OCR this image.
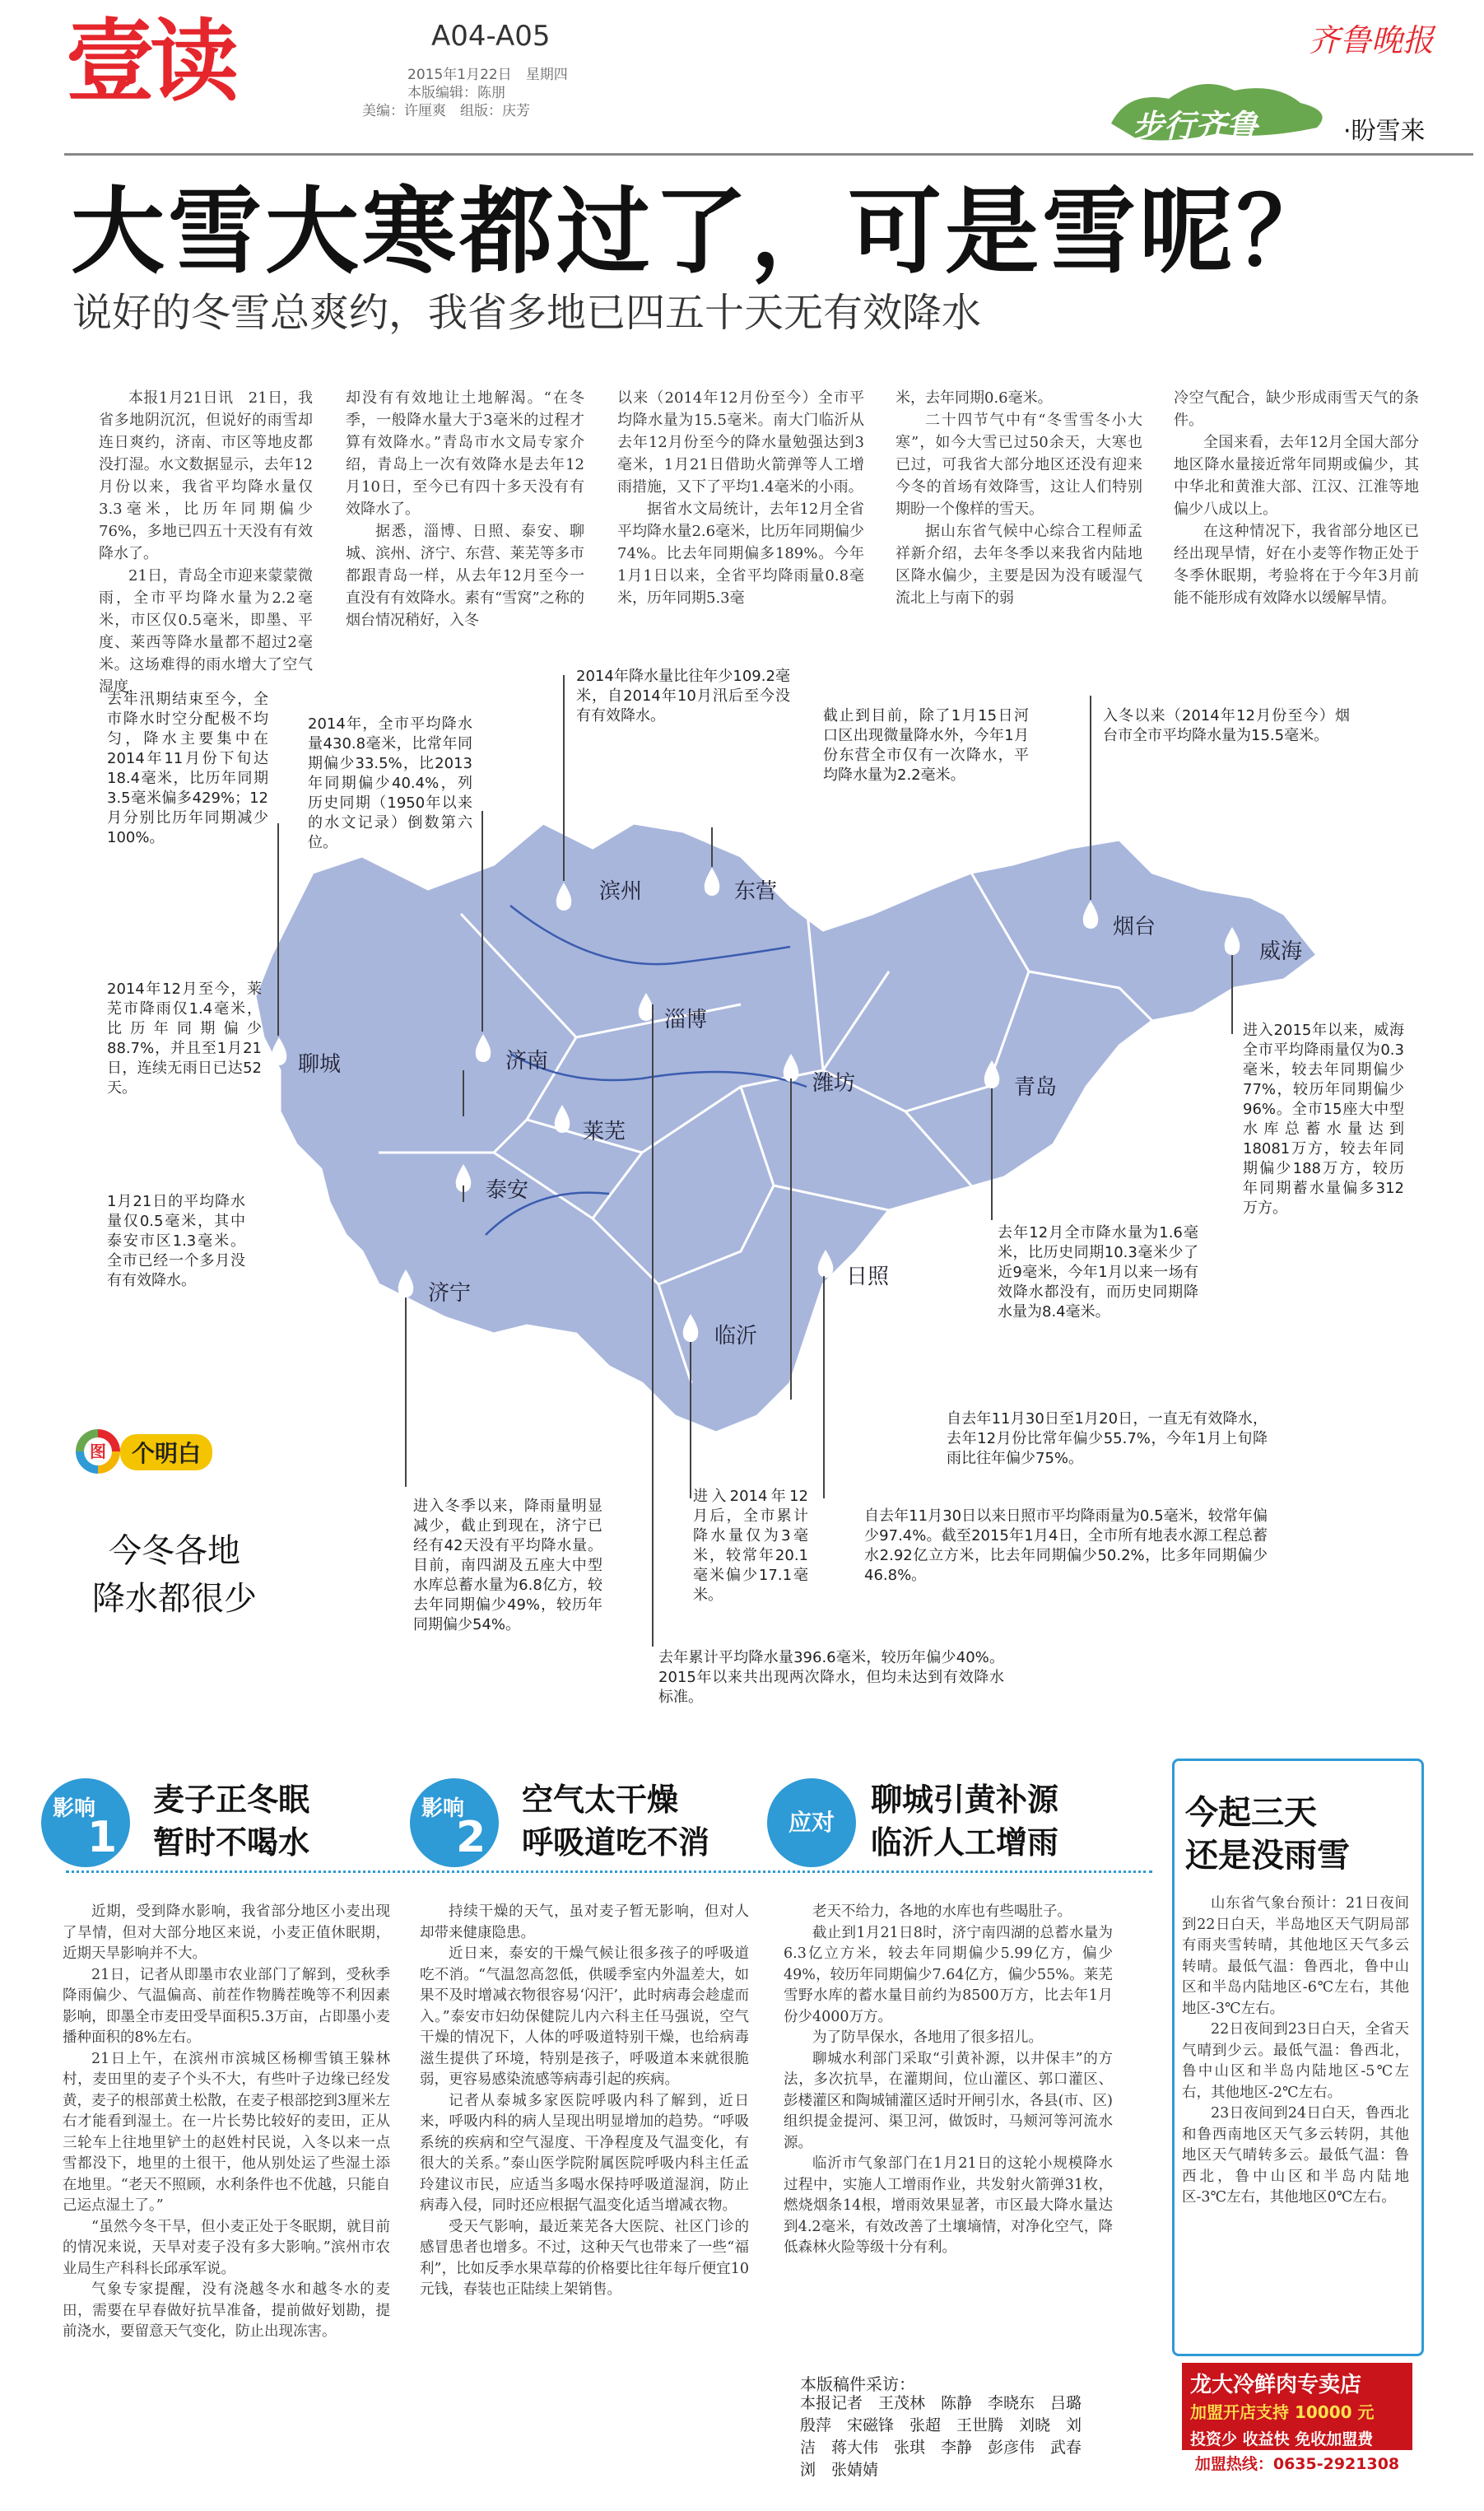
壹读	A04-A05
2015年1月22日　星期四
本版编辑：陈朋
美编：许厘爽　组版：庆芳
齐鲁晚报
步行齐鲁	·盼雪来
大雪大寒都过了，可是雪呢？
说好的冬雪总爽约，我省多地已四五十天无有效降水

本报1月21日讯　21日，我省多地阴沉沉，但说好的雨雪却连日爽约，济南、市区等地皮都没打湿。水文数据显示，去年12月份以来，我省平均降水量仅3.3毫米，比历年同期偏少76%，多地已四五十天没有有效降水了。

21日，青岛全市迎来蒙蒙微雨，全市平均降水量为2.2毫米，市区仅0.5毫米，即墨、平度、莱西等降水量都不超过2毫米。这场难得的雨水增大了空气湿度，

却没有有效地让土地解渴。“在冬季，一般降水量大于3毫米的过程才算有效降水。”青岛市水文局专家介绍，青岛上一次有效降水是去年12月10日，至今已有四十多天没有有效降水了。

据悉，淄博、日照、泰安、聊城、滨州、济宁、东营、莱芜等多市都跟青岛一样，从去年12月至今一直没有有效降水。素有“雪窝”之称的烟台情况稍好，入冬

以来（2014年12月份至今）全市平均降水量为15.5毫米。南大门临沂从去年12月份至今的降水量勉强达到3毫米，1月21日借助火箭弹等人工增雨措施，又下了平均1.4毫米的小雨。

据省水文局统计，去年12月全省平均降水量2.6毫米，比历年同期偏少74%。比去年同期偏多189%。今年1月1日以来，全省平均降雨量0.8毫米，历年同期5.3毫

米，去年同期0.6毫米。

二十四节气中有“冬雪雪冬小大寒”，如今大雪已过50余天，大寒也已过，可我省大部分地区还没有迎来今冬的首场有效降雪，这让人们特别期盼一个像样的雪天。

据山东省气候中心综合工程师孟祥新介绍，去年冬季以来我省内陆地区降水偏少，主要是因为没有暖湿气流北上与南下的弱

冷空气配合，缺少形成雨雪天气的条件。

全国来看，去年12月全国大部分地区降水量接近常年同期或偏少，其中华北和黄淮大部、江汉、江淮等地偏少八成以上。

在这种情况下，我省部分地区已经出现旱情，好在小麦等作物正处于冬季休眠期，考验将在于今年3月前能不能形成有效降水以缓解旱情。

滨州	东营
烟台
威海
聊城	济南
淄博
潍坊	青岛
莱芜
泰安
济宁
日照
临沂
去年汛期结束至今，全市降水时空分配极不均匀，降水主要集中在2014年11月份下旬达18.4毫米，比历年同期3.5毫米偏多429%；12月分别比历年同期减少100%。
2014年，全市平均降水量430.8毫米，比常年同期偏少33.5%，比2013年同期偏少40.4%，列历史同期（1950年以来的水文记录）倒数第六位。
2014年降水量比往年少109.2毫米，自2014年10月汛后至今没有有效降水。	截止到目前，除了1月15日河口区出现微量降水外，今年1月份东营全市仅有一次降水，平均降水量为2.2毫米。
入冬以来（2014年12月份至今）烟台市全市平均降水量为15.5毫米。
进入2015年以来，威海全市平均降雨量仅为0.3毫米，较去年同期偏少77%，较历年同期偏少96%。全市15座大中型水库总蓄水量达到18081万方，较去年同期偏少188万方，较历年同期蓄水量偏多312万方。
2014年12月至今，莱芜市降雨仅1.4毫米，比历年同期偏少88.7%，并且至1月21日，连续无雨日已达52天。
1月21日的平均降水量仅0.5毫米，其中泰安市区1.3毫米。全市已经一个多月没有有效降水。
去年12月全市降水量为1.6毫米，比历史同期10.3毫米少了近9毫米，今年1月以来一场有效降水都没有，而历史同期降水量为8.4毫米。
自去年11月30日至1月20日，一直无有效降水，去年12月份比常年偏少55.7%，今年1月上旬降雨比往年偏少75%。
自去年11月30日以来日照市平均降雨量为0.5毫米，较常年偏少97.4%。截至2015年1月4日，全市所有地表水源工程总蓄水2.92亿立方米，比去年同期偏少50.2%，比多年同期偏少46.8%。
进入冬季以来，降雨量明显减少，截止到现在，济宁已经有42天没有平均降水量。目前，南四湖及五座大中型水库总蓄水量为6.8亿方，较去年同期偏少49%，较历年同期偏少54%。
进入2014年12月后，全市累计降水量仅为3毫米，较常年20.1毫米偏少17.1毫米。
去年累计平均降水量396.6毫米，较历年偏少40%。2015年以来共出现两次降水，但均未达到有效降水标准。
图	个明白
今冬各地
降水都很少
影响
1
麦子正冬眠
暂时不喝水

近期，受到降水影响，我省部分地区小麦出现了旱情，但对大部分地区来说，小麦正值休眠期，近期天旱影响并不大。

21日，记者从即墨市农业部门了解到，受秋季降雨偏少、气温偏高、前茬作物腾茬晚等不利因素影响，即墨全市麦田受旱面积5.3万亩，占即墨小麦播种面积的8%左右。

21日上午，在滨州市滨城区杨柳雪镇王躲林村，麦田里的麦子个头不大，有些叶子边缘已经发黄，麦子的根部黄土松散，在麦子根部挖到3厘米左右才能看到湿土。在一片长势比较好的麦田，正从三轮车上往地里铲土的赵姓村民说，入冬以来一点雪都没下，地里的土很干，他从别处运了些湿土添在地里。“老天不照顾，水利条件也不优越，只能自己运点湿土了。”

“虽然今冬干旱，但小麦正处于冬眠期，就目前的情况来说，天旱对麦子没有多大影响。”滨州市农业局生产科科长邱承军说。

气象专家提醒，没有浇越冬水和越冬水的麦田，需要在早春做好抗旱准备，提前做好划勘，提前浇水，要留意天气变化，防止出现冻害。

影响
2
空气太干燥
呼吸道吃不消

持续干燥的天气，虽对麦子暂无影响，但对人却带来健康隐患。

近日来，泰安的干燥气候让很多孩子的呼吸道吃不消。“气温忽高忽低，供暖季室内外温差大，如果不及时增减衣物很容易‘闪汗’，此时病毒会趁虚而入。”泰安市妇幼保健院儿内六科主任马强说，空气干燥的情况下，人体的呼吸道特别干燥，也给病毒滋生提供了环境，特别是孩子，呼吸道本来就很脆弱，更容易感染流感等病毒引起的疾病。

记者从泰城多家医院呼吸内科了解到，近日来，呼吸内科的病人呈现出明显增加的趋势。“呼吸系统的疾病和空气湿度、干净程度及气温变化，有很大的关系。”泰山医学院附属医院呼吸内科主任孟玲建议市民，应适当多喝水保持呼吸道湿润，防止病毒入侵，同时还应根据气温变化适当增减衣物。

受天气影响，最近莱芜各大医院、社区门诊的感冒患者也增多。不过，这种天气也带来了一些“福利”，比如反季水果草莓的价格要比往年每斤便宜10元钱，春装也正陆续上架销售。

应对
聊城引黄补源
临沂人工增雨

老天不给力，各地的水库也有些喝肚子。

截止到1月21日8时，济宁南四湖的总蓄水量为6.3亿立方米，较去年同期偏少5.99亿方，偏少49%，较历年同期偏少7.64亿方，偏少55%。莱芜雪野水库的蓄水量目前约为8500万方，比去年1月份少4000万方。

为了防旱保水，各地用了很多招儿。

聊城水利部门采取“引黄补源，以井保丰”的方法，多次抗旱，在灌期间，位山灌区、郭口灌区、彭楼灌区和陶城铺灌区适时开闸引水，各县(市、区)组织提金提河、渠卫河，做饭时，马颊河等河流水源。

临沂市气象部门在1月21日的这轮小规模降水过程中，实施人工增雨作业，共发射火箭弹31枚，燃烧烟条14根，增雨效果显著，市区最大降水量达到4.2毫米，有效改善了土壤墒情，对净化空气，降低森林火险等级十分有利。

本版稿件采访：
本报记者　王茂林　陈静　李晓东　吕璐　殷萍　宋磁锋　张超　王世腾　刘晓　刘洁　蒋大伟　张琪　李静　彭彦伟　武春浏　张婧婧
今起三天
还是没雨雪

山东省气象台预计：21日夜间到22日白天，半岛地区天气阴局部有雨夹雪转晴，其他地区天气多云转晴。最低气温：鲁西北，鲁中山区和半岛内陆地区-6℃左右，其他地区-3℃左右。

22日夜间到23日白天，全省天气晴到少云。最低气温：鲁西北，鲁中山区和半岛内陆地区-5℃左右，其他地区-2℃左右。

23日夜间到24日白天，鲁西北和鲁西南地区天气多云转阴，其他地区天气晴转多云。最低气温：鲁西北，鲁中山区和半岛内陆地区-3℃左右，其他地区0℃左右。

龙大冷鲜肉专卖店
加盟开店支持 10000 元
投资少 收益快 免收加盟费
加盟热线：0635-2921308
